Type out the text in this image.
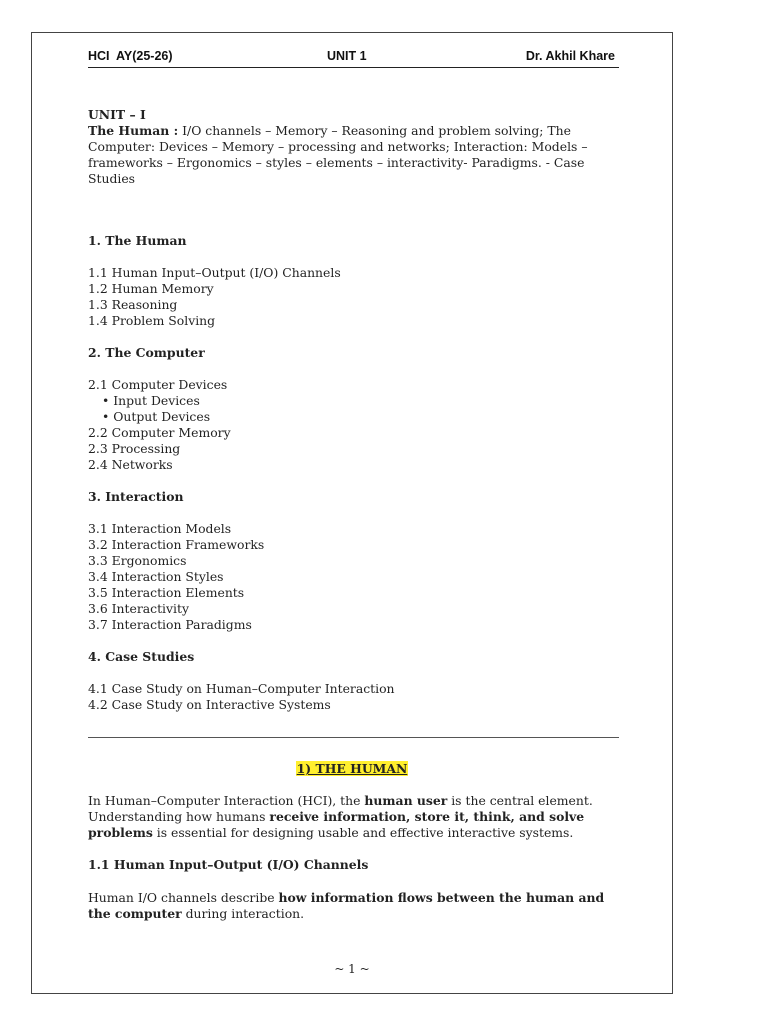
HCI  AY(25-26)	UNIT 1	Dr. Akhil Khare

UNIT – I

The Human : I/O channels – Memory – Reasoning and problem solving; The Computer: Devices – Memory – processing and networks; Interaction: Models – frameworks – Ergonomics – styles – elements – interactivity- Paradigms. - Case Studies

1. The Human

1.1 Human Input–Output (I/O) Channels

1.2 Human Memory

1.3 Reasoning

1.4 Problem Solving

2. The Computer

2.1 Computer Devices

• Input Devices

• Output Devices

2.2 Computer Memory

2.3 Processing

2.4 Networks

3. Interaction

3.1 Interaction Models

3.2 Interaction Frameworks

3.3 Ergonomics

3.4 Interaction Styles

3.5 Interaction Elements

3.6 Interactivity

3.7 Interaction Paradigms

4. Case Studies

4.1 Case Study on Human–Computer Interaction

4.2 Case Study on Interactive Systems

1) THE HUMAN

In Human–Computer Interaction (HCI), the human user is the central element. Understanding how humans receive information, store it, think, and solve problems is essential for designing usable and effective interactive systems.

1.1 Human Input–Output (I/O) Channels

Human I/O channels describe how information flows between the human and the computer during interaction.

~ 1 ~
